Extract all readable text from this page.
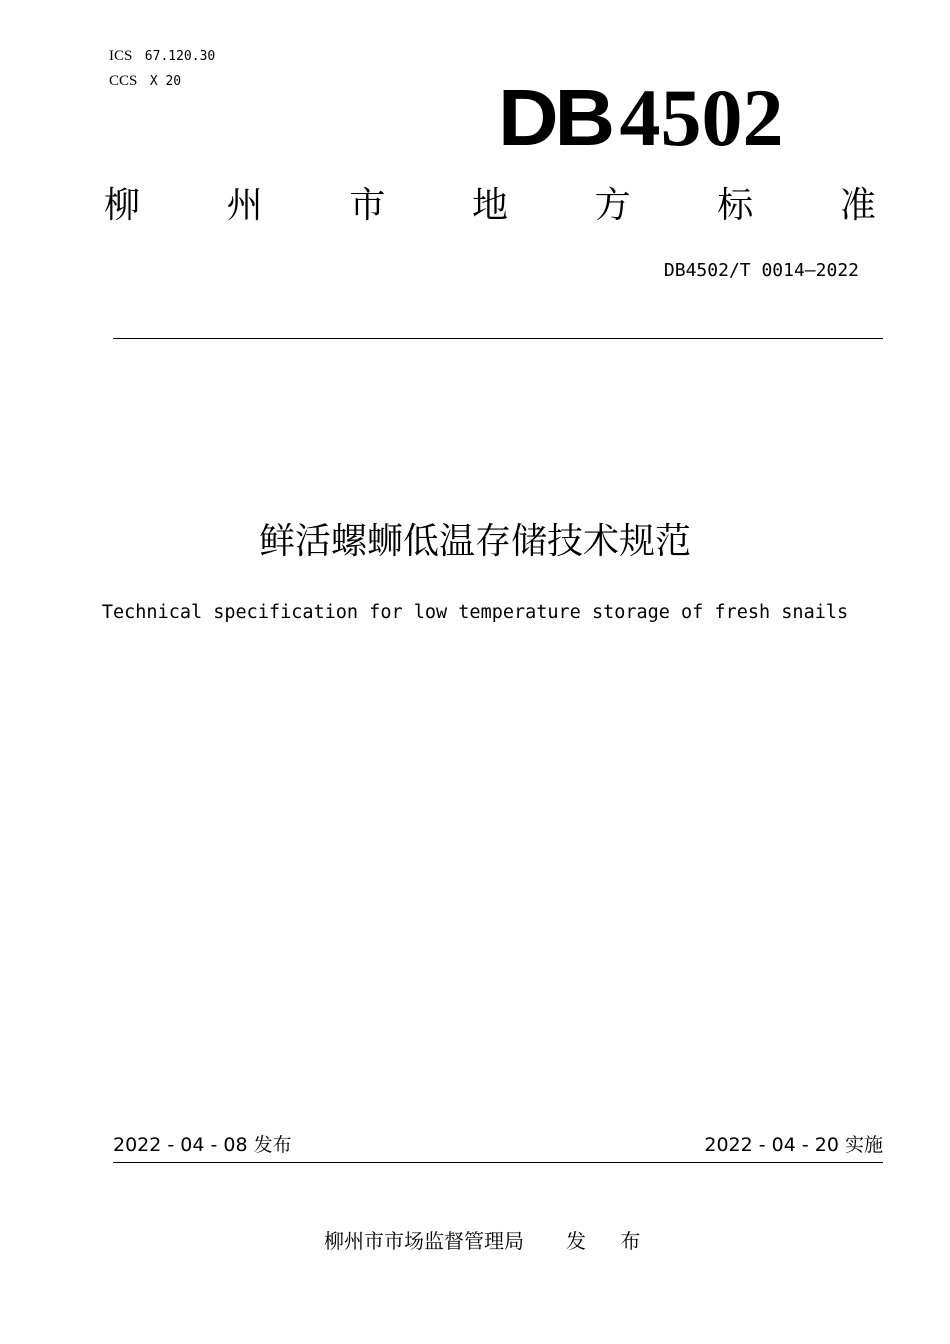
ICS 67.120.30
CCS X 20	DB 4502
柳 州 市 地 方 标 准
DB4502/T 0014—2022
鲜活螺蛳低温存储技术规范
Technical specification for low temperature storage of fresh snails
2022 - 04 - 08 发布	2022 - 04 - 20 实施
柳州市市场监督管理局 发 布
